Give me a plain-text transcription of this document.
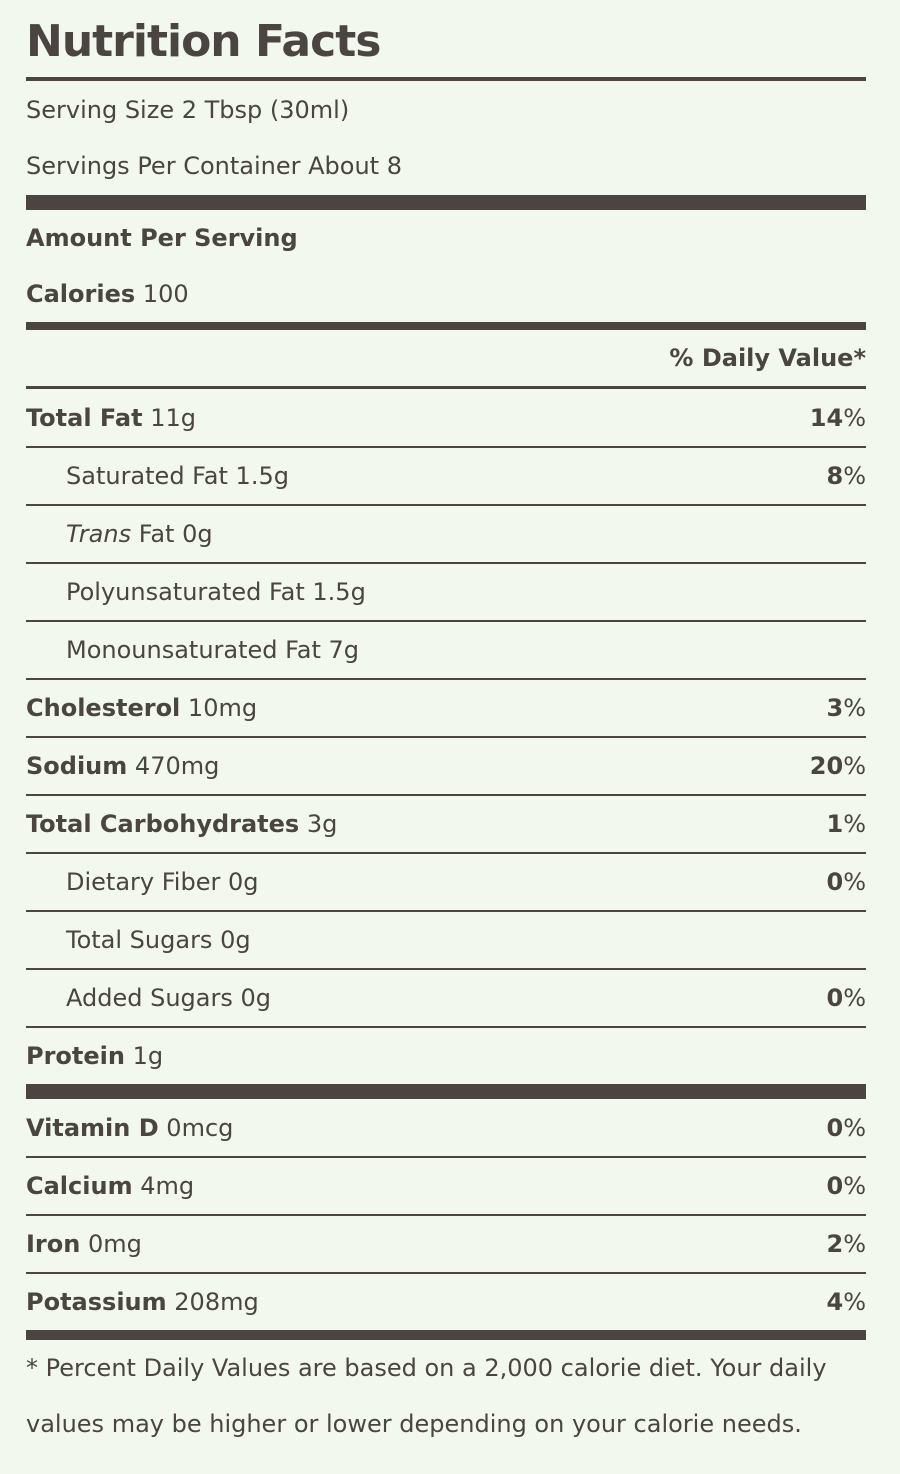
Nutrition Facts
Serving Size 2 Tbsp (30ml)
Servings Per Container About 8
Amount Per Serving
Calories 100
% Daily Value*
Total Fat 11g	14%
Saturated Fat 1.5g	8%
Trans Fat 0g
Polyunsaturated Fat 1.5g
Monounsaturated Fat 7g
Cholesterol 10mg	3%
Sodium 470mg	20%
Total Carbohydrates 3g	1%
Dietary Fiber 0g	0%
Total Sugars 0g
Added Sugars 0g	0%
Protein 1g
Vitamin D 0mcg	0%
Calcium 4mg	0%
Iron 0mg	2%
Potassium 208mg	4%
* Percent Daily Values are based on a 2,000 calorie diet. Your daily
values may be higher or lower depending on your calorie needs.
